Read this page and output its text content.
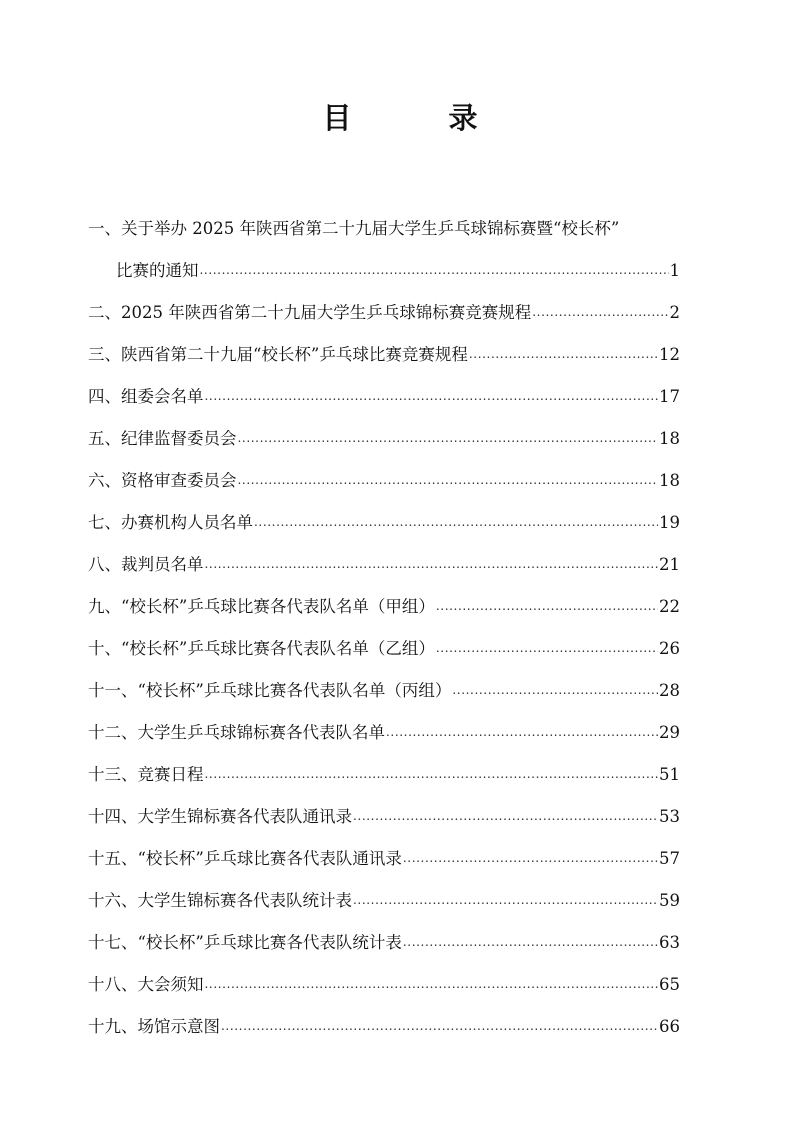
目　录
一、关于举办 2025 年陕西省第二十九届大学生乒乓球锦标赛暨“校长杯”
比赛的通知 .....	1
二、2025 年陕西省第二十九届大学生乒乓球锦标赛竞赛规程 .....	2
三、陕西省第二十九届“校长杯”乒乓球比赛竞赛规程 .....	12
四、组委会名单 .....	17
五、纪律监督委员会 .....	18
六、资格审查委员会 .....	18
七、办赛机构人员名单 .....	19
八、裁判员名单 .....	21
九、“校长杯”乒乓球比赛各代表队名单（甲组） .....	22
十、“校长杯”乒乓球比赛各代表队名单（乙组） .....	26
十一、“校长杯”乒乓球比赛各代表队名单（丙组） .....	28
十二、大学生乒乓球锦标赛各代表队名单 .....	29
十三、竞赛日程 .....	51
十四、大学生锦标赛各代表队通讯录 .....	53
十五、“校长杯”乒乓球比赛各代表队通讯录 .....	57
十六、大学生锦标赛各代表队统计表 .....	59
十七、“校长杯”乒乓球比赛各代表队统计表 .....	63
十八、大会须知 .....	65
十九、场馆示意图 .....	66
